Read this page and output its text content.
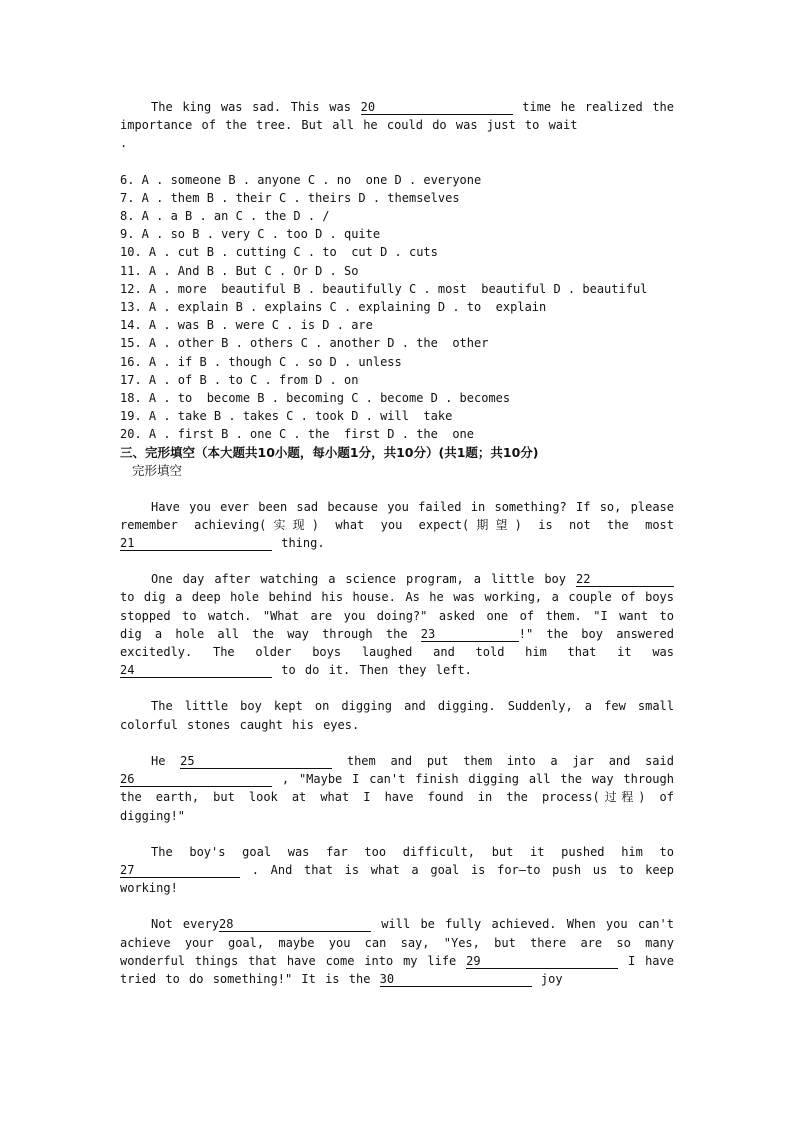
The king was sad. This was 20	time he realized the importance of the tree. But all he could do was just to wait

.
6. A . someone B . anyone C . no  one D . everyone
7. A . them B . their C . theirs D . themselves
8. A . a B . an C . the D . /
9. A . so B . very C . too D . quite
10. A . cut B . cutting C . to  cut D . cuts
11. A . And B . But C . Or D . So
12. A . more  beautiful B . beautifully C . most  beautiful D . beautiful
13. A . explain B . explains C . explaining D . to  explain
14. A . was B . were C . is D . are
15. A . other B . others C . another D . the  other
16. A . if B . though C . so D . unless
17. A . of B . to C . from D . on
18. A . to  become B . becoming C . become D . becomes
19. A . take B . takes C . took D . will  take
20. A . first B . one C . the  first D . the  one
三、完形填空（本大题共10小题，每小题1分，共10分）(共1题；共10分)
完形填空

Have you ever been sad because you failed in something? If so, please remember achieving(实现) what you expect(期望) is not the most21	thing.

One day after watching a science program, a little boy 22 to dig a deep hole behind his house. As he was working, a couple of boys stopped to watch. "What are you doing?" asked one of them. "I want to dig a hole all the way through the 23	!" the boy answered excitedly. The older boys laughed and told him that it was 24	to do it. Then they left.

The little boy kept on digging and digging. Suddenly, a few small colorful stones caught his eyes.

He 25	them and put them into a jar and said 26	, "Maybe I can't finish digging all the way through the earth, but look at what I have found in the process(过程) of digging!"

The boy's goal was far too difficult, but it pushed him to27	. And that is what a goal is for—to push us to keep working!

Not every28	will be fully achieved. When you can't achieve your goal, maybe you can say, "Yes, but there are so many wonderful things that have come into my life 29	I have tried to do something!" It is the 30	joy
